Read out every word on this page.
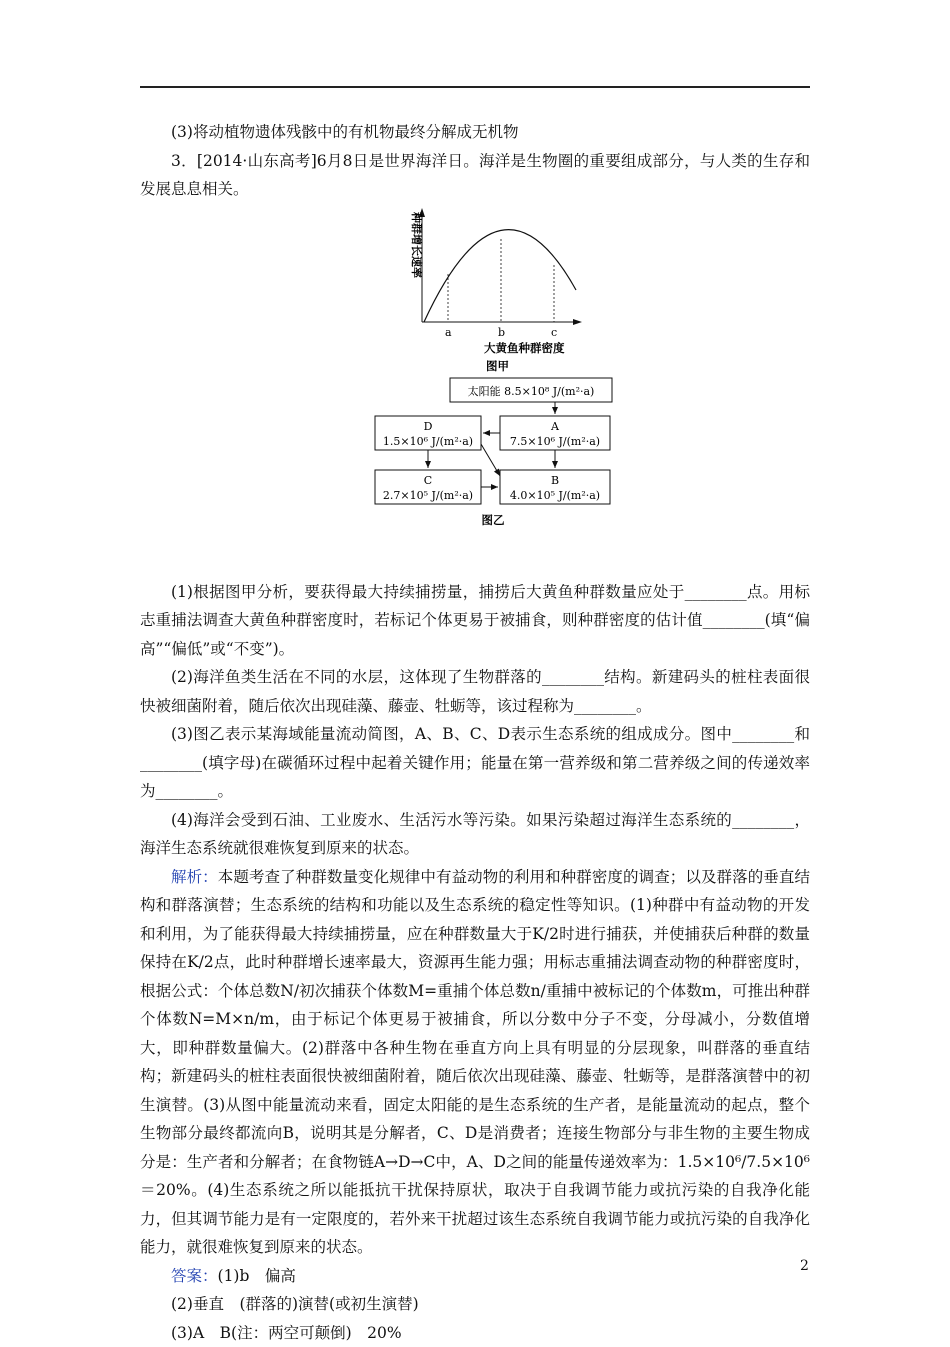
(3)将动植物遗体残骸中的有机物最终分解成无机物

3．[2014·山东高考]6月8日是世界海洋日。海洋是生物圈的重要组成部分，与人类的生存和发展息息相关。

a	b	c
大黄鱼种群密度
种群增长速率
图甲
太阳能 8.5×10⁸ J/(m²·a)
A
7.5×10⁶ J/(m²·a)
D
1.5×10⁶ J/(m²·a)
C
2.7×10⁵ J/(m²·a)
B
4.0×10⁵ J/(m²·a)
图乙

(1)根据图甲分析，要获得最大持续捕捞量，捕捞后大黄鱼种群数量应处于________点。用标志重捕法调查大黄鱼种群密度时，若标记个体更易于被捕食，则种群密度的估计值________(填“偏高”“偏低”或“不变”)。

(2)海洋鱼类生活在不同的水层，这体现了生物群落的________结构。新建码头的桩柱表面很快被细菌附着，随后依次出现硅藻、藤壶、牡蛎等，该过程称为________。

(3)图乙表示某海域能量流动简图，A、B、C、D表示生态系统的组成成分。图中________和________(填字母)在碳循环过程中起着关键作用；能量在第一营养级和第二营养级之间的传递效率为________。

(4)海洋会受到石油、工业废水、生活污水等污染。如果污染超过海洋生态系统的________，海洋生态系统就很难恢复到原来的状态。

解析：本题考查了种群数量变化规律中有益动物的利用和种群密度的调查；以及群落的垂直结构和群落演替；生态系统的结构和功能以及生态系统的稳定性等知识。(1)种群中有益动物的开发和利用，为了能获得最大持续捕捞量，应在种群数量大于K/2时进行捕获，并使捕获后种群的数量保持在K/2点，此时种群增长速率最大，资源再生能力强；用标志重捕法调查动物的种群密度时，根据公式：个体总数N/初次捕获个体数M=重捕个体总数n/重捕中被标记的个体数m，可推出种群个体数N=M×n/m，由于标记个体更易于被捕食，所以分数中分子不变，分母减小，分数值增大，即种群数量偏大。(2)群落中各种生物在垂直方向上具有明显的分层现象，叫群落的垂直结构；新建码头的桩柱表面很快被细菌附着，随后依次出现硅藻、藤壶、牡蛎等，是群落演替中的初生演替。(3)从图中能量流动来看，固定太阳能的是生态系统的生产者，是能量流动的起点，整个生物部分最终都流向B，说明其是分解者，C、D是消费者；连接生物部分与非生物的主要生物成分是：生产者和分解者；在食物链A→D→C中，A、D之间的能量传递效率为：1.5×10⁶/7.5×10⁶＝20%。(4)生态系统之所以能抵抗干扰保持原状，取决于自我调节能力或抗污染的自我净化能力，但其调节能力是有一定限度的，若外来干扰超过该生态系统自我调节能力或抗污染的自我净化能力，就很难恢复到原来的状态。

答案：(1)b　偏高

(2)垂直　(群落的)演替(或初生演替)

(3)A　B(注：两空可颠倒)　20%

2
